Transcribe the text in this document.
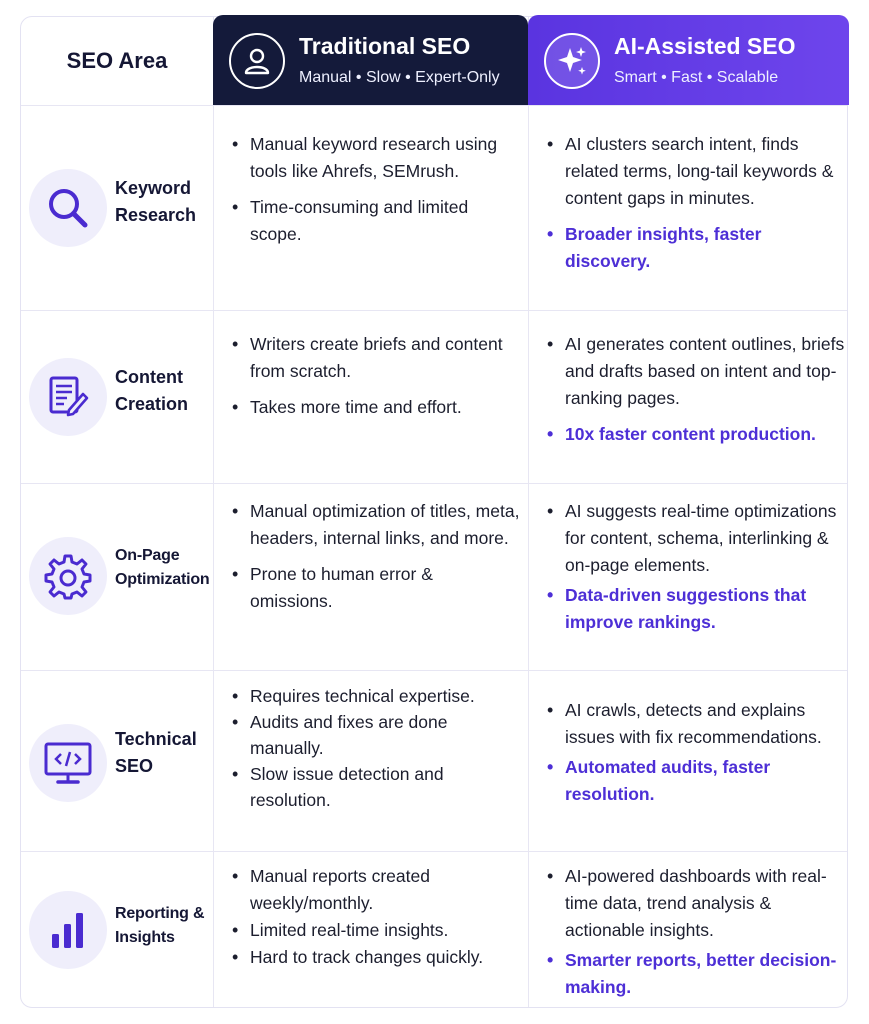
SEO Area
Traditional SEO
Manual • Slow • Expert-Only
AI-Assisted SEO
Smart • Fast • Scalable
Keyword Research
• Manual keyword research using tools like Ahrefs, SEMrush.
• Time-consuming and limited scope.
• AI clusters search intent, finds related terms, long-tail keywords & content gaps in minutes.
• Broader insights, faster discovery.
Content Creation
• Writers create briefs and content from scratch.
• Takes more time and effort.
• AI generates content outlines, briefs and drafts based on intent and top-ranking pages.
• 10x faster content production.
On-Page Optimization
• Manual optimization of titles, meta, headers, internal links, and more.
• Prone to human error & omissions.
• AI suggests real-time optimizations for content, schema, interlinking & on-page elements.
• Data-driven suggestions that improve rankings.
Technical SEO
• Requires technical expertise.
• Audits and fixes are done manually.
• Slow issue detection and resolution.
• AI crawls, detects and explains issues with fix recommendations.
• Automated audits, faster resolution.
Reporting & Insights
• Manual reports created weekly/monthly.
• Limited real-time insights.
• Hard to track changes quickly.
• AI-powered dashboards with real-time data, trend analysis & actionable insights.
• Smarter reports, better decision-making.
